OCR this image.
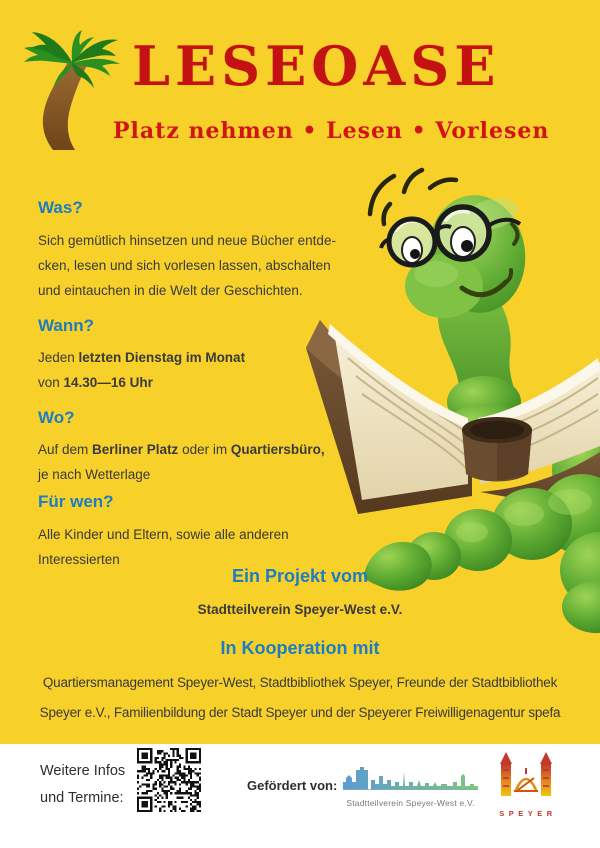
LESEOASE
Platz nehmen • Lesen • Vorlesen
Was?
Sich gemütlich hinsetzen und neue Bücher entde-
cken, lesen und sich vorlesen lassen, abschalten
und eintauchen in die Welt der Geschichten.
Wann?
Jeden letzten Dienstag im Monat
von 14.30—16 Uhr
Wo?
Auf dem Berliner Platz oder im Quartiersbüro,
je nach Wetterlage
Für wen?
Alle Kinder und Eltern, sowie alle anderen
Interessierten
Ein Projekt vom
Stadtteilverein Speyer-West e.V.
In Kooperation mit
Quartiersmanagement Speyer-West, Stadtbibliothek Speyer, Freunde der Stadtbibliothek
Speyer e.V., Familienbildung der Stadt Speyer und der Speyerer Freiwilligenagentur spefa
Weitere Infos
und Termine:
Gefördert von:
Stadtteilverein Speyer-West e.V.
SPEYER
